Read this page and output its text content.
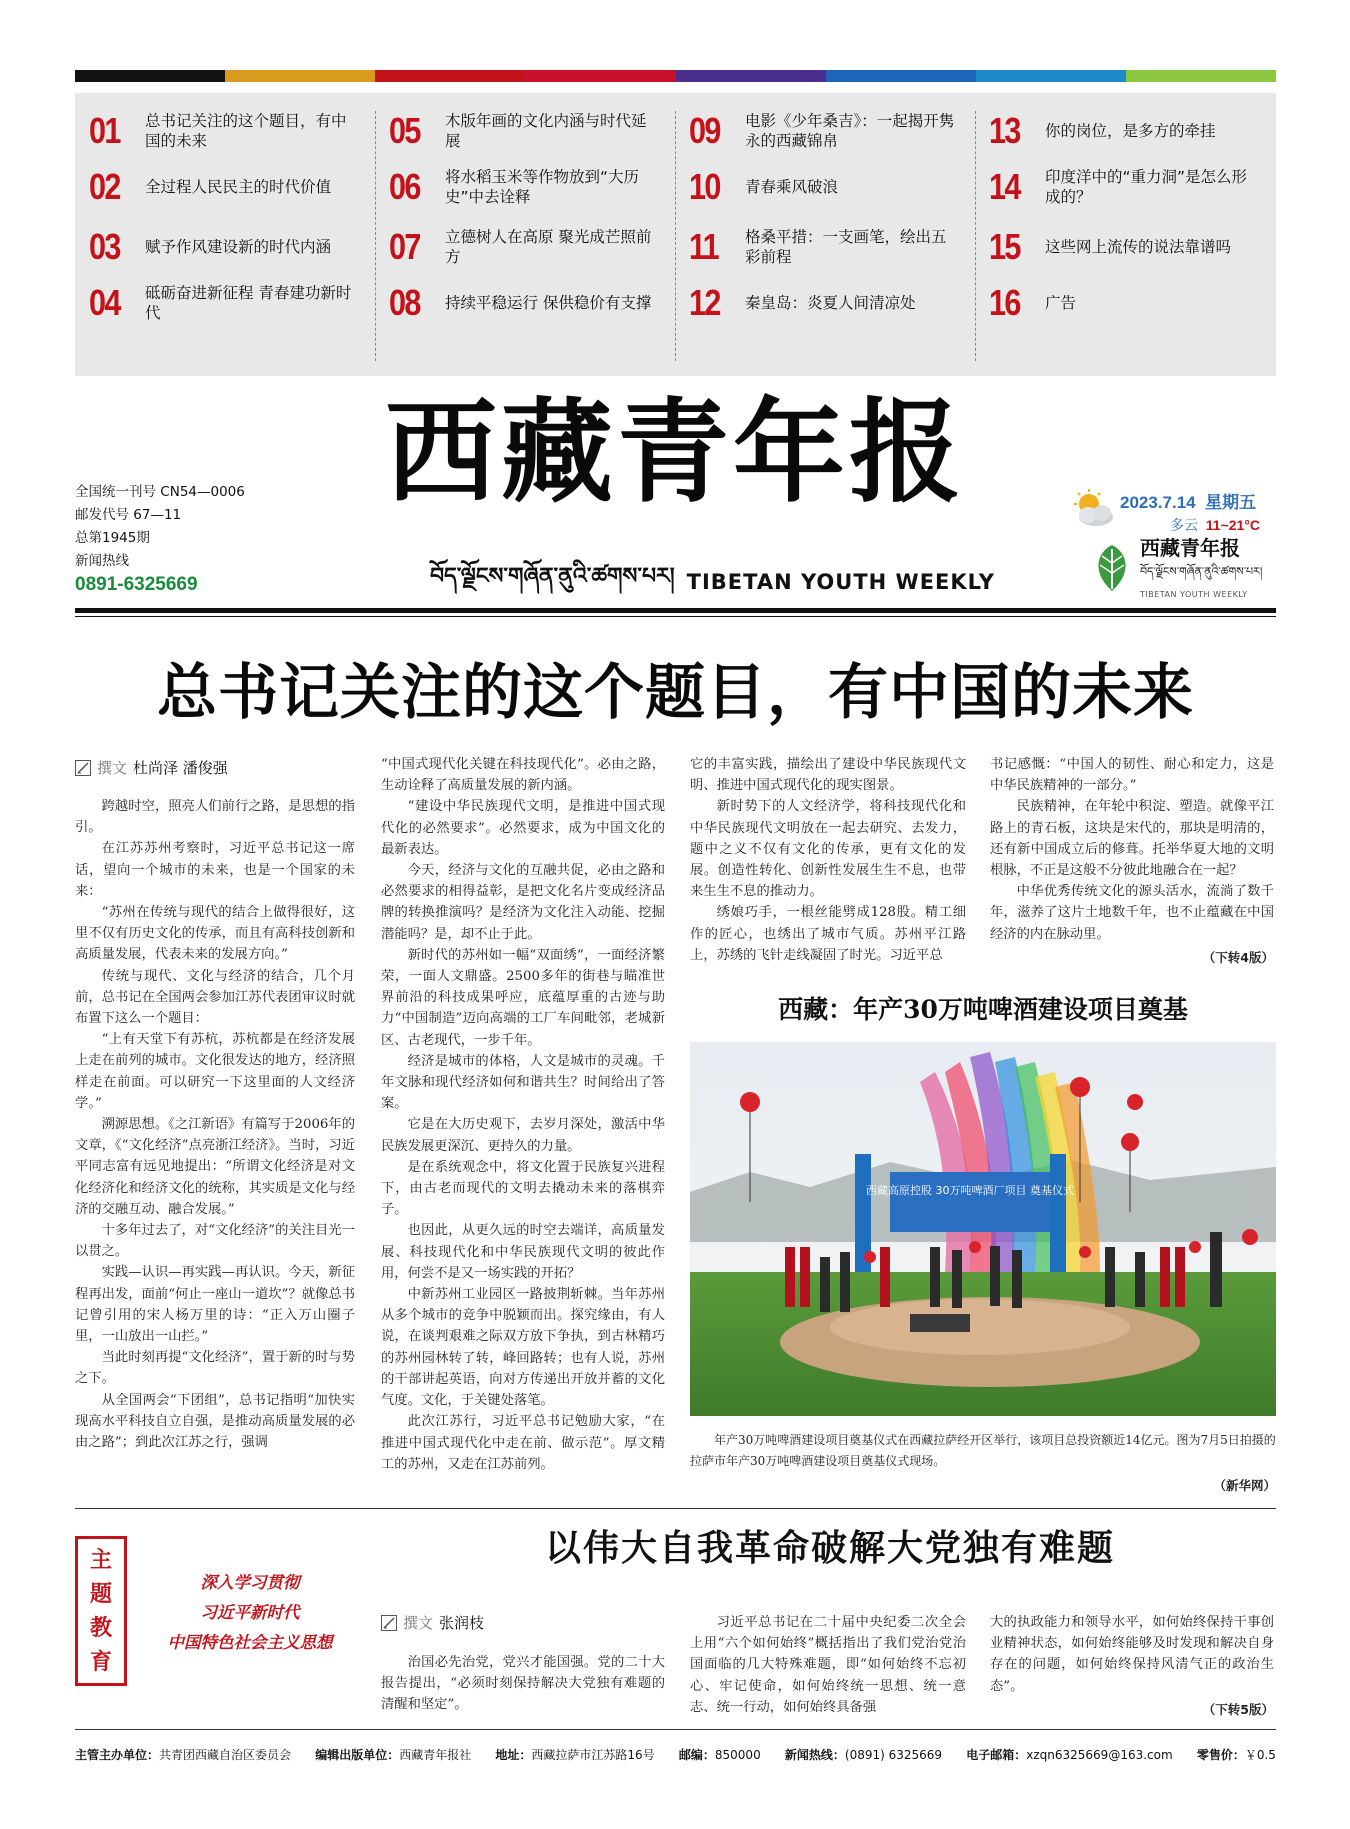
01	总书记关注的这个题目，有中国的未来
02	全过程人民民主的时代价值
03	赋予作风建设新的时代内涵
04	砥砺奋进新征程 青春建功新时代
05	木版年画的文化内涵与时代延展
06	将水稻玉米等作物放到“大历史”中去诠释
07	立德树人在高原 聚光成芒照前方
08	持续平稳运行 保供稳价有支撑
09	电影《少年桑吉》：一起揭开隽永的西藏锦帛
10	青春乘风破浪
11	格桑平措：一支画笔，绘出五彩前程
12	秦皇岛：炎夏人间清凉处
13	你的岗位，是多方的牵挂
14	印度洋中的“重力洞”是怎么形成的？
15	这些网上流传的说法靠谱吗
16	广告
全国统一刊号 CN54—0006
邮发代号 67—11
总第1945期
新闻热线
0891-6325669
西藏青年报
བོད་ལྗོངས་གཞོན་ནུའི་ཚགས་པར། TIBETAN YOUTH WEEKLY
2023.7.14 星期五
多云 11~21°C
西藏青年报
བོད་ལྗོངས་གཞོན་ནུའི་ཚགས་པར།
TIBETAN YOUTH WEEKLY
总书记关注的这个题目，有中国的未来
撰文 杜尚泽 潘俊强

跨越时空，照亮人们前行之路，是思想的指引。

在江苏苏州考察时，习近平总书记这一席话，望向一个城市的未来，也是一个国家的未来：

“苏州在传统与现代的结合上做得很好，这里不仅有历史文化的传承，而且有高科技创新和高质量发展，代表未来的发展方向。”

传统与现代、文化与经济的结合，几个月前，总书记在全国两会参加江苏代表团审议时就布置下这么一个题目：

“上有天堂下有苏杭，苏杭都是在经济发展上走在前列的城市。文化很发达的地方，经济照样走在前面。可以研究一下这里面的人文经济学。”

溯源思想。《之江新语》有篇写于2006年的文章，《“文化经济”点亮浙江经济》。当时，习近平同志富有远见地提出：“所谓文化经济是对文化经济化和经济文化的统称，其实质是文化与经济的交融互动、融合发展。”

十多年过去了，对“文化经济”的关注目光一以贯之。

实践—认识—再实践—再认识。今天，新征程再出发，面前“何止一座山一道坎”？就像总书记曾引用的宋人杨万里的诗：“正入万山圈子里，一山放出一山拦。”

当此时刻再提“文化经济”，置于新的时与势之下。

从全国两会“下团组”，总书记指明“加快实现高水平科技自立自强，是推动高质量发展的必由之路”；到此次江苏之行，强调

“中国式现代化关键在科技现代化”。必由之路，生动诠释了高质量发展的新内涵。

“建设中华民族现代文明，是推进中国式现代化的必然要求”。必然要求，成为中国文化的最新表达。

今天，经济与文化的互融共促，必由之路和必然要求的相得益彰，是把文化名片变成经济品牌的转换推演吗？是经济为文化注入动能、挖掘潜能吗？是，却不止于此。

新时代的苏州如一幅“双面绣”，一面经济繁荣，一面人文鼎盛。2500多年的街巷与瞄准世界前沿的科技成果呼应，底蕴厚重的古迹与助力“中国制造”迈向高端的工厂车间毗邻，老城新区、古老现代，一步千年。

经济是城市的体格，人文是城市的灵魂。千年文脉和现代经济如何和谐共生？时间给出了答案。

它是在大历史观下，去岁月深处，激活中华民族发展更深沉、更持久的力量。

是在系统观念中，将文化置于民族复兴进程下，由古老而现代的文明去撬动未来的落棋弈子。

也因此，从更久远的时空去端详，高质量发展、科技现代化和中华民族现代文明的彼此作用，何尝不是又一场实践的开拓？

中新苏州工业园区一路披荆斩棘。当年苏州从多个城市的竞争中脱颖而出。探究缘由，有人说，在谈判艰难之际双方放下争执，到古林精巧的苏州园林转了转，峰回路转；也有人说，苏州的干部讲起英语，向对方传递出开放并蓄的文化气度。文化，于关键处落笔。

此次江苏行，习近平总书记勉励大家，“在推进中国式现代化中走在前、做示范”。厚文精工的苏州，又走在江苏前列。

它的丰富实践，描绘出了建设中华民族现代文明、推进中国式现代化的现实图景。

新时势下的人文经济学，将科技现代化和中华民族现代文明放在一起去研究、去发力，题中之义不仅有文化的传承，更有文化的发展。创造性转化、创新性发展生生不息，也带来生生不息的推动力。

绣娘巧手，一根丝能劈成128股。精工细作的匠心，也绣出了城市气质。苏州平江路上，苏绣的飞针走线凝固了时光。习近平总

书记感慨：“中国人的韧性、耐心和定力，这是中华民族精神的一部分。”

民族精神，在年轮中积淀、塑造。就像平江路上的青石板，这块是宋代的，那块是明清的，还有新中国成立后的修葺。托举华夏大地的文明根脉，不正是这般不分彼此地融合在一起？

中华优秀传统文化的源头活水，流淌了数千年，滋养了这片土地数千年，也不止蕴藏在中国经济的内在脉动里。

（下转4版）
西藏：年产30万吨啤酒建设项目奠基
西藏高原控股 30万吨啤酒厂项目 奠基仪式
年产30万吨啤酒建设项目奠基仪式在西藏拉萨经开区举行，该项目总投资额近14亿元。图为7月5日拍摄的拉萨市年产30万吨啤酒建设项目奠基仪式现场。
（新华网）
以伟大自我革命破解大党独有难题
主
题
教
育
深入学习贯彻
习近平新时代
中国特色社会主义思想
撰文 张润枝

治国必先治党，党兴才能国强。党的二十大报告提出，“必须时刻保持解决大党独有难题的清醒和坚定”。

习近平总书记在二十届中央纪委二次全会上用“六个如何始终”概括指出了我们党治党治国面临的几大特殊难题，即“如何始终不忘初心、牢记使命，如何始终统一思想、统一意志、统一行动，如何始终具备强

大的执政能力和领导水平，如何始终保持干事创业精神状态，如何始终能够及时发现和解决自身存在的问题，如何始终保持风清气正的政治生态”。

（下转5版）
主管主办单位：共青团西藏自治区委员会 编辑出版单位：西藏青年报社 地址：西藏拉萨市江苏路16号 邮编：850000 新闻热线：(0891) 6325669 电子邮箱：xzqn6325669@163.com 零售价：￥0.5
